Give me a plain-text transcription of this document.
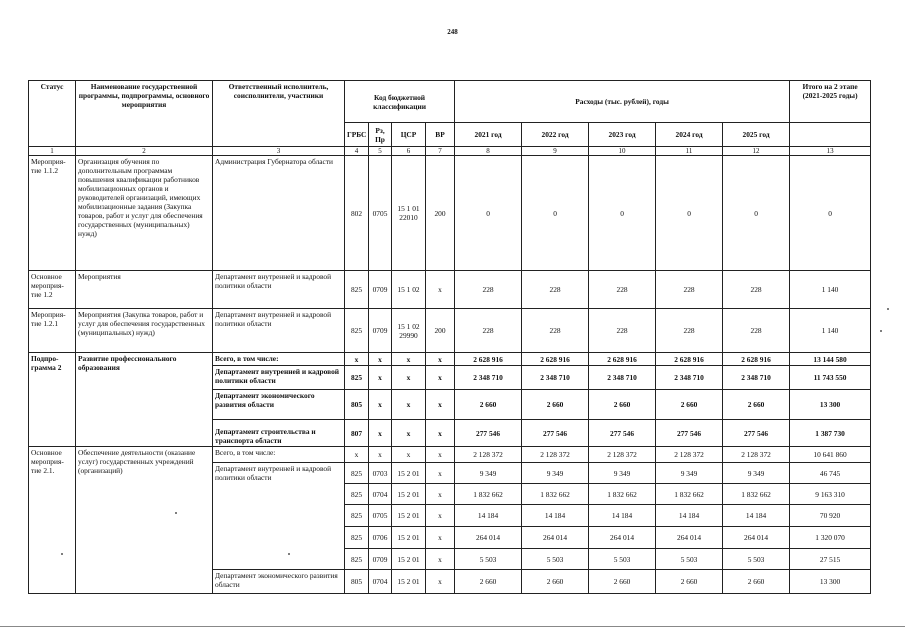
248
Статус	Наименование государственной программы, подпрограммы, основного мероприятия	Ответственный исполнитель, соисполнители, участники	Код бюджетной классификации				Расходы (тыс. рублей), годы					Итого на 2 этапе (2021-2025 годы)
			ГРБС	Рз, Пр	ЦСР	ВР	2021 год	2022 год	2023 год	2024 год	2025 год	
1	2	3	4	5	6	7	8	9	10	11	12	13
Мероприя-тие 1.1.2	Организация обучения по дополнительным программам повышения квалификации работников мобилизационных органов и руководителей организаций, имеющих мобилизационные задания (Закупка товаров, работ и услуг для обеспечения государственных (муниципальных) нужд)	Администрация Губернатора области	802	0705	15 1 01 22010	200	0	0	0	0	0	0
Основное мероприя-тие 1.2	Мероприятия	Департамент внутренней и кадровой политики области	825	0709	15 1 02	х	228	228	228	228	228	1 140
Мероприя-тие 1.2.1	Мероприятия (Закупка товаров, работ и услуг для обеспечения государственных (муниципальных) нужд)	Департамент внутренней и кадровой политики области	825	0709	15 1 02 29990	200	228	228	228	228	228	1 140
Подпро-грамма 2	Развитие профессионального образования	Всего, в том числе:	х	х	х	х	2 628 916	2 628 916	2 628 916	2 628 916	2 628 916	13 144 580
		Департамент внутренней и кадровой политики области	825	х	х	х	2 348 710	2 348 710	2 348 710	2 348 710	2 348 710	11 743 550
		Департамент экономического развития области	805	х	х	х	2 660	2 660	2 660	2 660	2 660	13 300
		Департамент строительства и транспорта области	807	х	х	х	277 546	277 546	277 546	277 546	277 546	1 387 730
Основное мероприя-тие 2.1.	Обеспечение деятельности (оказание услуг) государственных учреждений (организаций)	Всего, в том числе:	х	х	х	х	2 128 372	2 128 372	2 128 372	2 128 372	2 128 372	10 641 860
		Департамент внутренней и кадровой политики области	825	0703	15 2 01	х	9 349	9 349	9 349	9 349	9 349	46 745
			825	0704	15 2 01	х	1 832 662	1 832 662	1 832 662	1 832 662	1 832 662	9 163 310
			825	0705	15 2 01	х	14 184	14 184	14 184	14 184	14 184	70 920
			825	0706	15 2 01	х	264 014	264 014	264 014	264 014	264 014	1 320 070
			825	0709	15 2 01	х	5 503	5 503	5 503	5 503	5 503	27 515
		Департамент экономического развития области	805	0704	15 2 01	х	2 660	2 660	2 660	2 660	2 660	13 300
